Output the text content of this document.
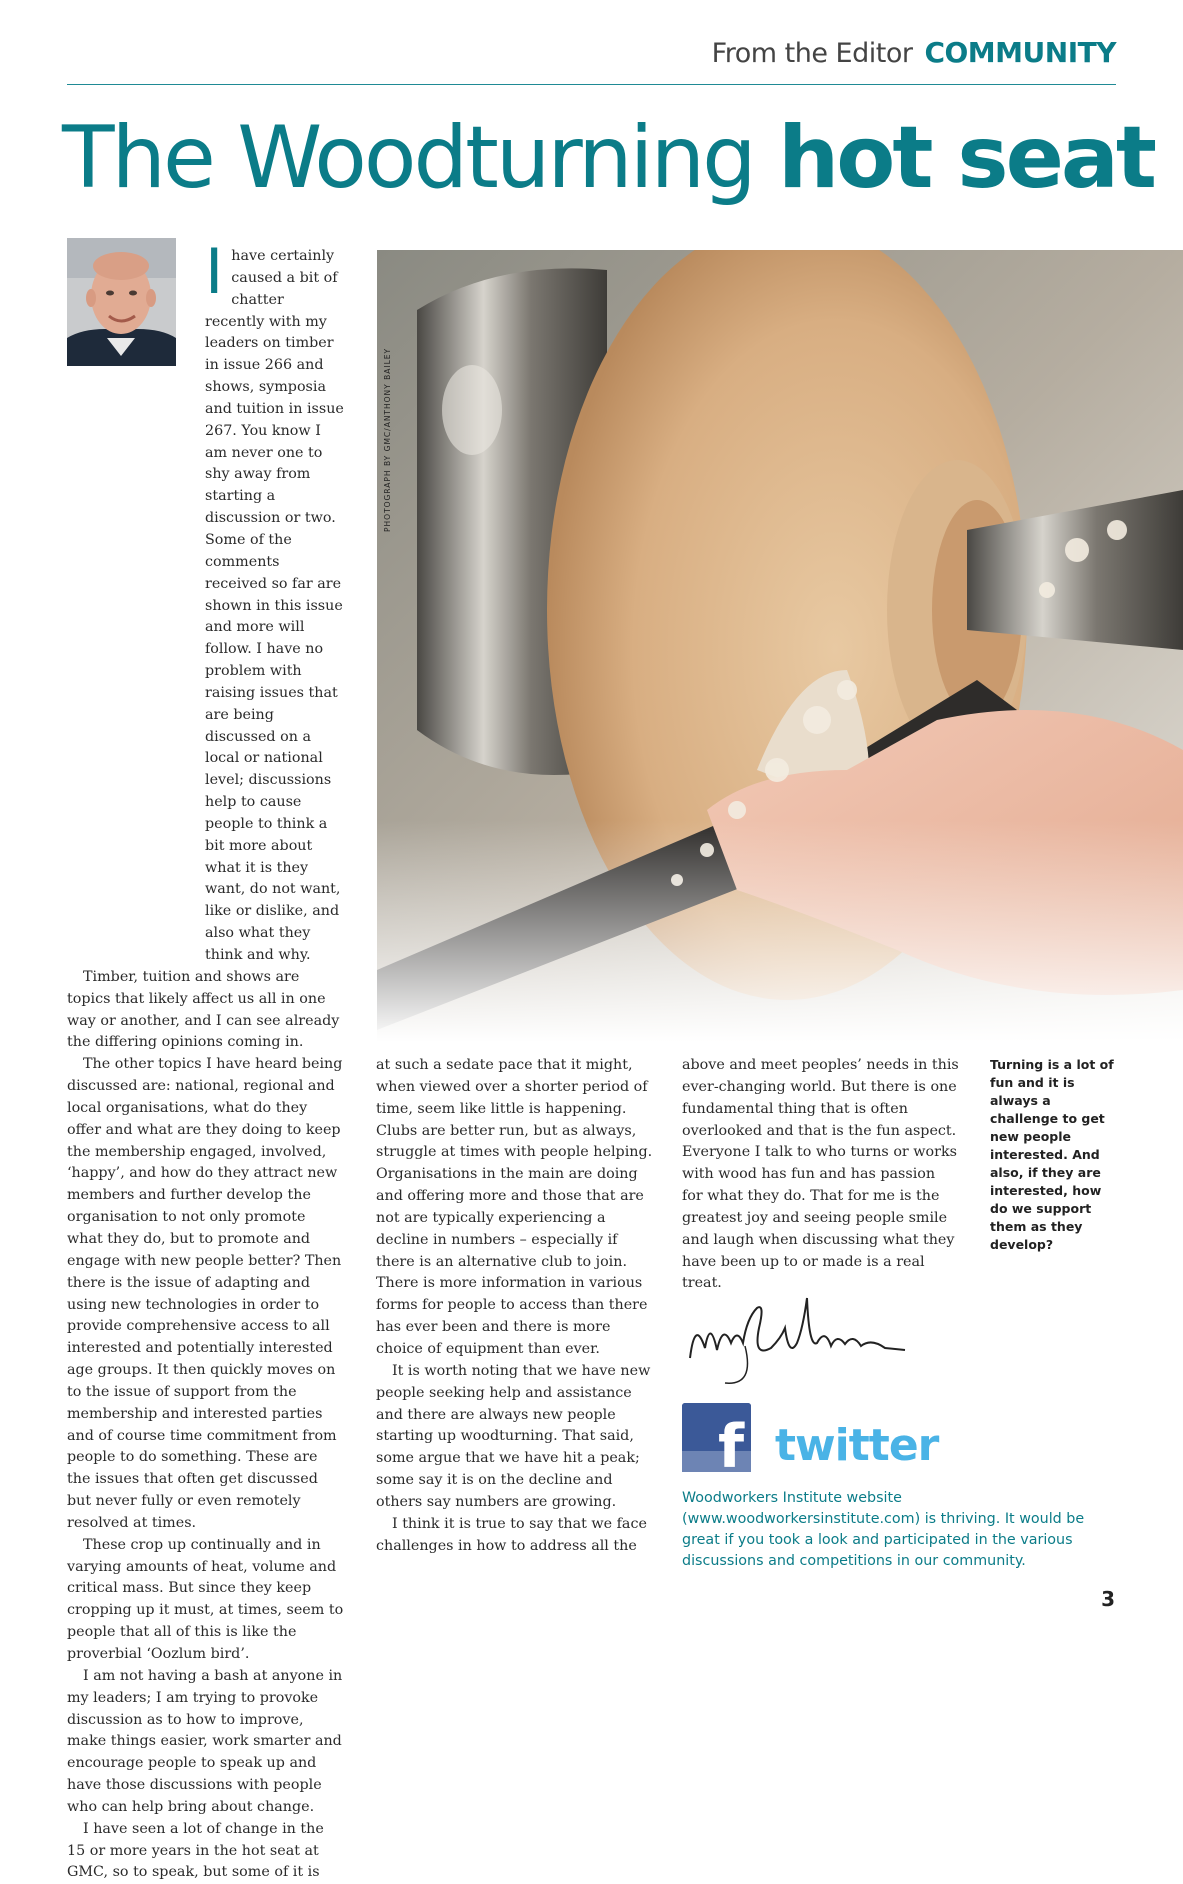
From the Editor COMMUNITY
The Woodturning hot seat
PHOTOGRAPH BY GMC/ANTHONY BAILEY

Ihave certainly caused a bit of chatter recently with my leaders on timber in issue 266 and shows, symposia and tuition in issue 267. You know I am never one to shy away from starting a discussion or two. Some of the comments received so far are shown in this issue and more will follow. I have no problem with raising issues that are being discussed on a local or national level; discussions help to cause people to think a bit more about what it is they want, do not want, like or dislike, and also what they think and why.

Timber, tuition and shows are topics that likely affect us all in one way or another, and I can see already the differing opinions coming in.

The other topics I have heard being discussed are: national, regional and local organisations, what do they offer and what are they doing to keep the membership engaged, involved, ‘happy’, and how do they attract new members and further develop the organisation to not only promote what they do, but to promote and engage with new people better? Then there is the issue of adapting and using new technologies in order to provide comprehensive access to all interested and potentially interested age groups. It then quickly moves on to the issue of support from the membership and interested parties and of course time commitment from people to do something. These are the issues that often get discussed but never fully or even remotely resolved at times.

These crop up continually and in varying amounts of heat, volume and critical mass. But since they keep cropping up it must, at times, seem to people that all of this is like the proverbial ‘Oozlum bird’.

I am not having a bash at anyone in my leaders; I am trying to provoke discussion as to how to improve, make things easier, work smarter and encourage people to speak up and have those discussions with people who can help bring about change.

I have seen a lot of change in the 15 or more years in the hot seat at GMC, so to speak, but some of it is

at such a sedate pace that it might, when viewed over a shorter period of time, seem like little is happening. Clubs are better run, but as always, struggle at times with people helping. Organisations in the main are doing and offering more and those that are not are typically experiencing a decline in numbers – especially if there is an alternative club to join. There is more information in various forms for people to access than there has ever been and there is more choice of equipment than ever.

It is worth noting that we have new people seeking help and assistance and there are always new people starting up woodturning. That said, some argue that we have hit a peak; some say it is on the decline and others say numbers are growing.

I think it is true to say that we face challenges in how to address all the

above and meet peoples’ needs in this ever-changing world. But there is one fundamental thing that is often overlooked and that is the fun aspect. Everyone I talk to who turns or works with wood has fun and has passion for what they do. That for me is the greatest joy and seeing people smile and laugh when discussing what they have been up to or made is a real treat.

Turning is a lot of fun and it is always a challenge to get new people interested. And also, if they are interested, how do we support them as they develop?
f twitter
Woodworkers Institute website (www.woodworkersinstitute.com) is thriving. It would be great if you took a look and participated in the various discussions and competitions in our community.
3
